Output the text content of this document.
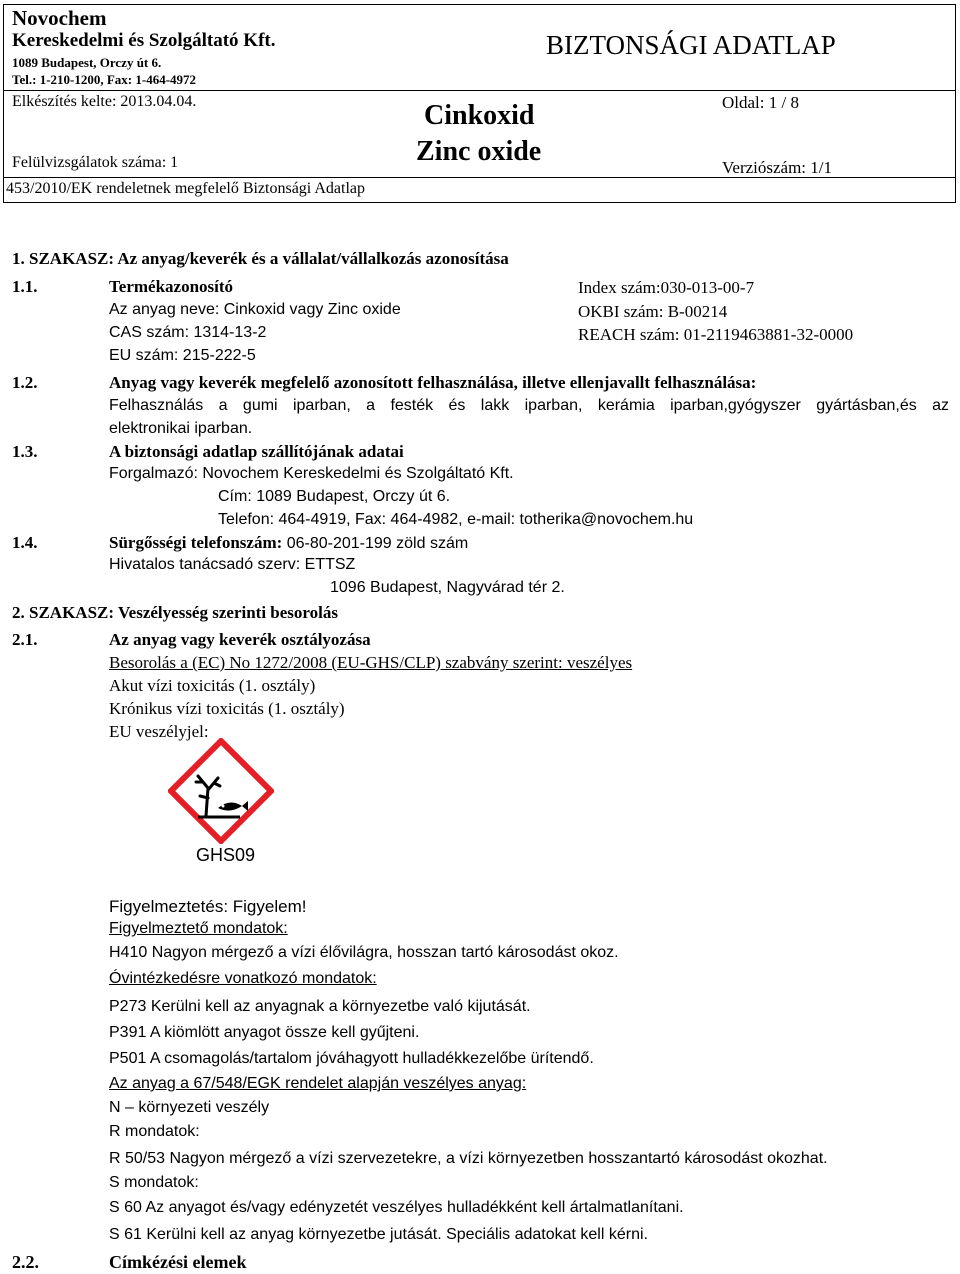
Novochem
Kereskedelmi és Szolgáltató Kft.
1089 Budapest, Orczy út 6.
Tel.: 1-210-1200, Fax: 1-464-4972
BIZTONSÁGI ADATLAP
Elkészítés kelte: 2013.04.04.	Cinkoxid
Zinc oxide
Oldal: 1 / 8
Felülvizsgálatok száma: 1	Verziószám: 1/1
453/2010/EK rendeletnek megfelelő Biztonsági Adatlap
1. SZAKASZ: Az anyag/keverék és a vállalat/vállalkozás azonosítása
1.1.	Termékazonosító
Az anyag neve: Cinkoxid vagy Zinc oxide
CAS szám: 1314-13-2
EU szám: 215-222-5
Index szám:030-013-00-7
OKBI szám: B-00214
REACH szám: 01-2119463881-32-0000
1.2.	Anyag vagy keverék megfelelő azonosított felhasználása, illetve ellenjavallt felhasználása:
Felhasználás a gumi iparban, a festék és lakk iparban, kerámia iparban,gyógyszer gyártásban,és az
elektronikai iparban.
1.3.	A biztonsági adatlap szállítójának adatai
Forgalmazó: Novochem Kereskedelmi és Szolgáltató Kft.
Cím: 1089 Budapest, Orczy út 6.
Telefon: 464-4919, Fax: 464-4982, e-mail: totherika@novochem.hu
1.4.	Sürgősségi telefonszám: 06-80-201-199 zöld szám
Hivatalos tanácsadó szerv: ETTSZ
1096 Budapest, Nagyvárad tér 2.
2. SZAKASZ: Veszélyesség szerinti besorolás
2.1.	Az anyag vagy keverék osztályozása
Besorolás a (EC) No 1272/2008 (EU-GHS/CLP) szabvány szerint: veszélyes
Akut vízi toxicitás (1. osztály)
Krónikus vízi toxicitás (1. osztály)
EU veszélyjel:
GHS09
Figyelmeztetés: Figyelem!
Figyelmeztető mondatok:
H410 Nagyon mérgező a vízi élővilágra, hosszan tartó károsodást okoz.
Óvintézkedésre vonatkozó mondatok:
P273 Kerülni kell az anyagnak a környezetbe való kijutását.
P391 A kiömlött anyagot össze kell gyűjteni.
P501 A csomagolás/tartalom jóváhagyott hulladékkezelőbe ürítendő.
Az anyag a 67/548/EGK rendelet alapján veszélyes anyag:
N – környezeti veszély
R mondatok:
R 50/53 Nagyon mérgező a vízi szervezetekre, a vízi környezetben hosszantartó károsodást okozhat.
S mondatok:
S 60 Az anyagot és/vagy edényzetét veszélyes hulladékként kell ártalmatlanítani.
S 61 Kerülni kell az anyag környezetbe jutását. Speciális adatokat kell kérni.
2.2.	Címkézési elemek
